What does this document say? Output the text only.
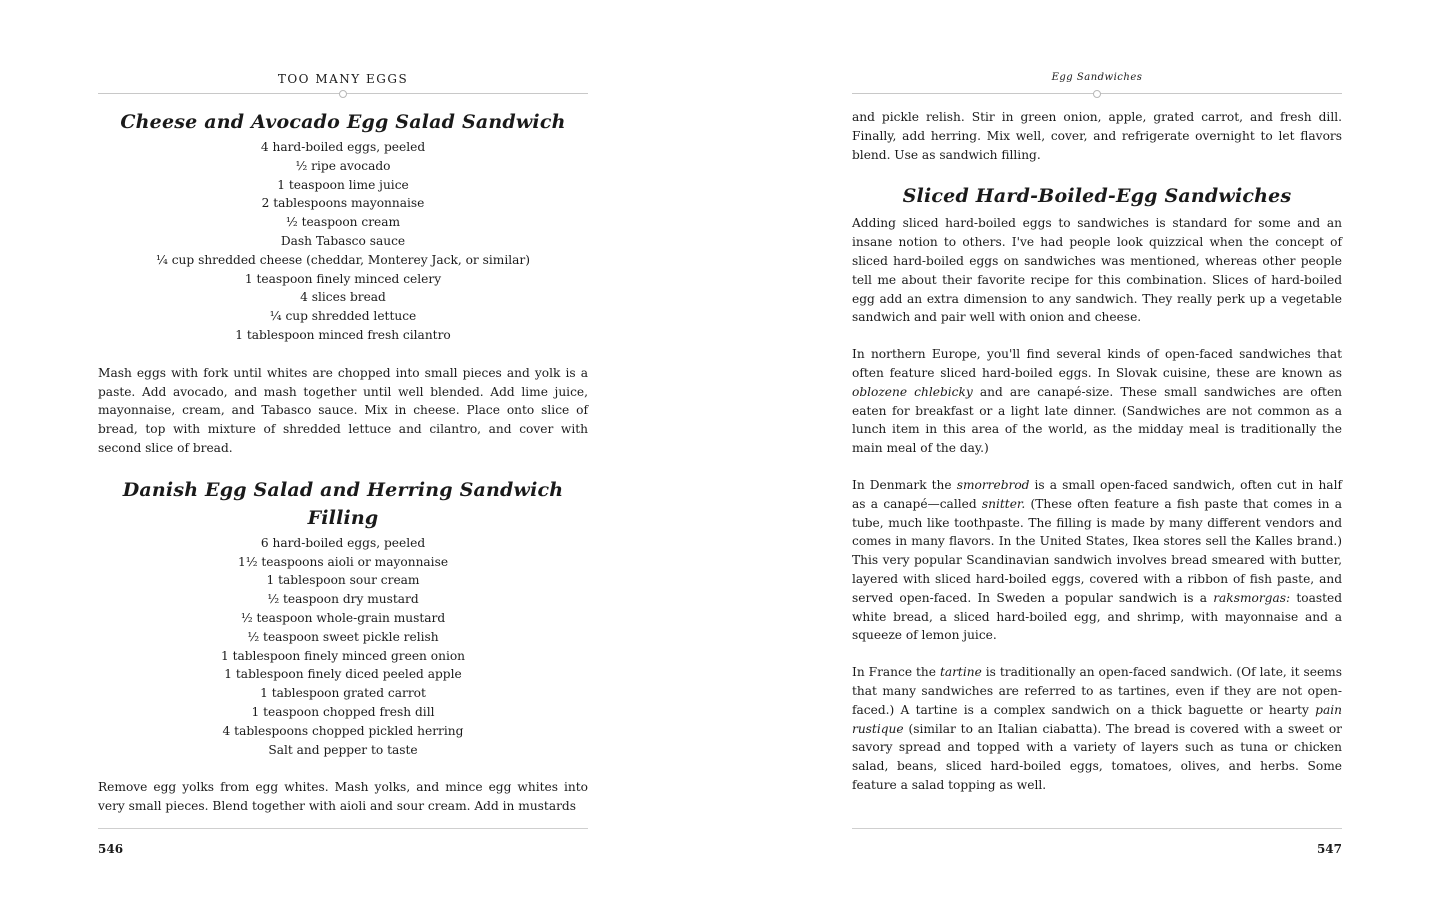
TOO MANY EGGS
Cheese and Avocado Egg Salad Sandwich
4 hard-boiled eggs, peeled
½ ripe avocado
1 teaspoon lime juice
2 tablespoons mayonnaise
½ teaspoon cream
Dash Tabasco sauce
¼ cup shredded cheese (cheddar, Monterey Jack, or similar)
1 teaspoon finely minced celery
4 slices bread
¼ cup shredded lettuce
1 tablespoon minced fresh cilantro

Mash eggs with fork until whites are chopped into small pieces and yolk is a paste. Add avocado, and mash together until well blended. Add lime juice, mayonnaise, cream, and Tabasco sauce. Mix in cheese. Place onto slice of bread, top with mixture of shredded lettuce and cilantro, and cover with second slice of bread.

Danish Egg Salad and Herring Sandwich Filling
6 hard-boiled eggs, peeled
1½ teaspoons aioli or mayonnaise
1 tablespoon sour cream
½ teaspoon dry mustard
½ teaspoon whole-grain mustard
½ teaspoon sweet pickle relish
1 tablespoon finely minced green onion
1 tablespoon finely diced peeled apple
1 tablespoon grated carrot
1 teaspoon chopped fresh dill
4 tablespoons chopped pickled herring
Salt and pepper to taste

Remove egg yolks from egg whites. Mash yolks, and mince egg whites into very small pieces. Blend together with aioli and sour cream. Add in mustards

546
Egg Sandwiches

and pickle relish. Stir in green onion, apple, grated carrot, and fresh dill. Finally, add herring. Mix well, cover, and refrigerate overnight to let flavors blend. Use as sandwich filling.

Sliced Hard-Boiled-Egg Sandwiches

Adding sliced hard-boiled eggs to sandwiches is standard for some and an insane notion to others. I've had people look quizzical when the concept of sliced hard-boiled eggs on sandwiches was mentioned, whereas other people tell me about their favorite recipe for this combination. Slices of hard-boiled egg add an extra dimension to any sandwich. They really perk up a vegetable sandwich and pair well with onion and cheese.

In northern Europe, you'll find several kinds of open-faced sandwiches that often feature sliced hard-boiled eggs. In Slovak cuisine, these are known as oblozene chlebicky and are canapé-size. These small sandwiches are often eaten for breakfast or a light late dinner. (Sandwiches are not common as a lunch item in this area of the world, as the midday meal is traditionally the main meal of the day.)

In Denmark the smorrebrod is a small open-faced sandwich, often cut in half as a canapé—called snitter. (These often feature a fish paste that comes in a tube, much like toothpaste. The filling is made by many different vendors and comes in many flavors. In the United States, Ikea stores sell the Kalles brand.) This very popular Scandinavian sandwich involves bread smeared with butter, layered with sliced hard-boiled eggs, covered with a ribbon of fish paste, and served open-faced. In Sweden a popular sandwich is a raksmorgas: toasted white bread, a sliced hard-boiled egg, and shrimp, with mayonnaise and a squeeze of lemon juice.

In France the tartine is traditionally an open-faced sandwich. (Of late, it seems that many sandwiches are referred to as tartines, even if they are not open-faced.) A tartine is a complex sandwich on a thick baguette or hearty pain rustique (similar to an Italian ciabatta). The bread is covered with a sweet or savory spread and topped with a variety of layers such as tuna or chicken salad, beans, sliced hard-boiled eggs, tomatoes, olives, and herbs. Some feature a salad topping as well.

547
